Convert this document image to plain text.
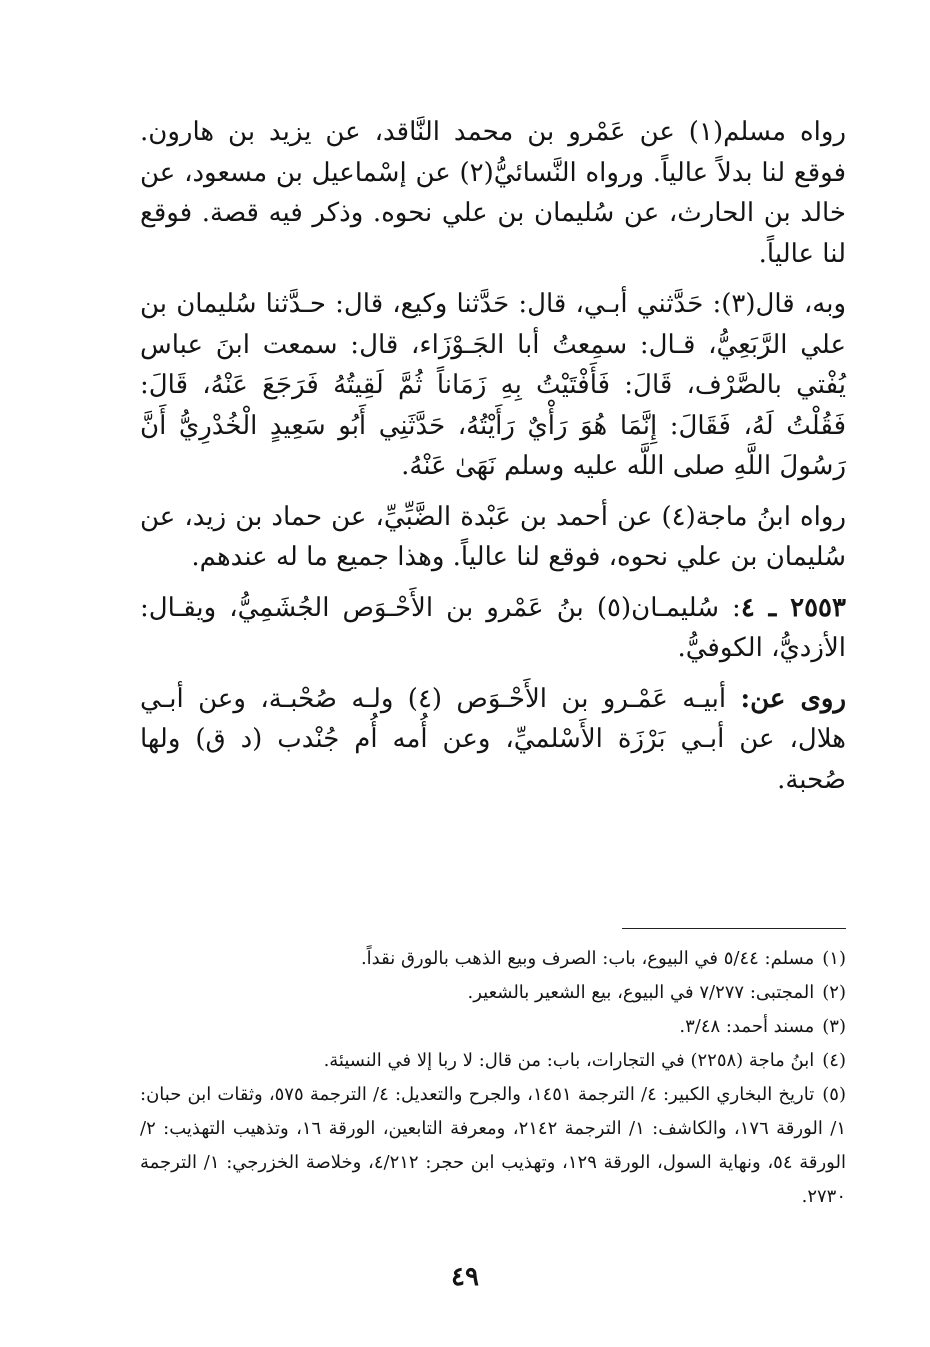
رواه مسلم(١) عن عَمْرو بن محمد النَّاقد، عن يزيد بن هارون. فوقع لنا بدلاً عالياً. ورواه النَّسائيُّ(٢) عن إسْماعيل بن مسعود، عن خالد بن الحارث، عن سُليمان بن علي نحوه. وذكر فيه قصة. فوقع لنا عالياً.

وبه، قال(٣): حَدَّثني أبـي، قال: حَدَّثنا وكيع، قال: حـدَّثنا سُليمان بن علي الرَّبَعِيُّ، قـال: سمِعتُ أبا الجَـوْزَاء، قال: سمعت ابنَ عباس يُفْتي بالصَّرْف، قَالَ: فَأَفْتَيْتُ بِهِ زَمَاناً ثُمَّ لَقِيتُهُ فَرَجَعَ عَنْهُ، قَالَ: فَقُلْتُ لَهُ، فَقَالَ: إِنَّمَا هُوَ رَأْيٌ رَأَيْتُهُ، حَدَّثَنِي أَبُو سَعِيدٍ الْخُدْرِيُّ أَنَّ رَسُولَ اللَّهِ صلى اللَّه عليه وسلم نَهَىٰ عَنْهُ.

رواه ابنُ ماجة(٤) عن أحمد بن عَبْدة الضَّبِّيِّ، عن حماد بن زيد، عن سُليمان بن علي نحوه، فوقع لنا عالياً. وهذا جميع ما له عندهم.

٢٥٥٣ ـ ٤: سُليمـان(٥) بنُ عَمْرو بن الأَحْـوَص الجُشَمِيُّ، ويقـال: الأزديُّ، الكوفيُّ.

روى عن: أبيـه عَمْـرو بن الأَحْـوَص (٤) ولـه صُحْبـة، وعن أبـي هلال، عن أبـي بَرْزَة الأَسْلميِّ، وعن أُمه أُم جُنْدب (د ق) ولها صُحبة.

(١)مسلم: ٥/٤٤ في البيوع، باب: الصرف وبيع الذهب بالورق نقداً.

(٢)المجتبى: ٧/٢٧٧ في البيوع، بيع الشعير بالشعير.

(٣)مسند أحمد: ٣/٤٨.

(٤)ابنُ ماجة (٢٢٥٨) في التجارات، باب: من قال: لا ربا إلا في النسيئة.

(٥)تاريخ البخاري الكبير: ٤/ الترجمة ١٤٥١، والجرح والتعديل: ٤/ الترجمة ٥٧٥، وثقات ابن حبان: ١/ الورقة ١٧٦، والكاشف: ١/ الترجمة ٢١٤٢، ومعرفة التابعين، الورقة ١٦، وتذهيب التهذيب: ٢/ الورقة ٥٤، ونهاية السول، الورقة ١٢٩، وتهذيب ابن حجر: ٤/٢١٢، وخلاصة الخزرجي: ١/ الترجمة ٢٧٣٠.

٤٩
